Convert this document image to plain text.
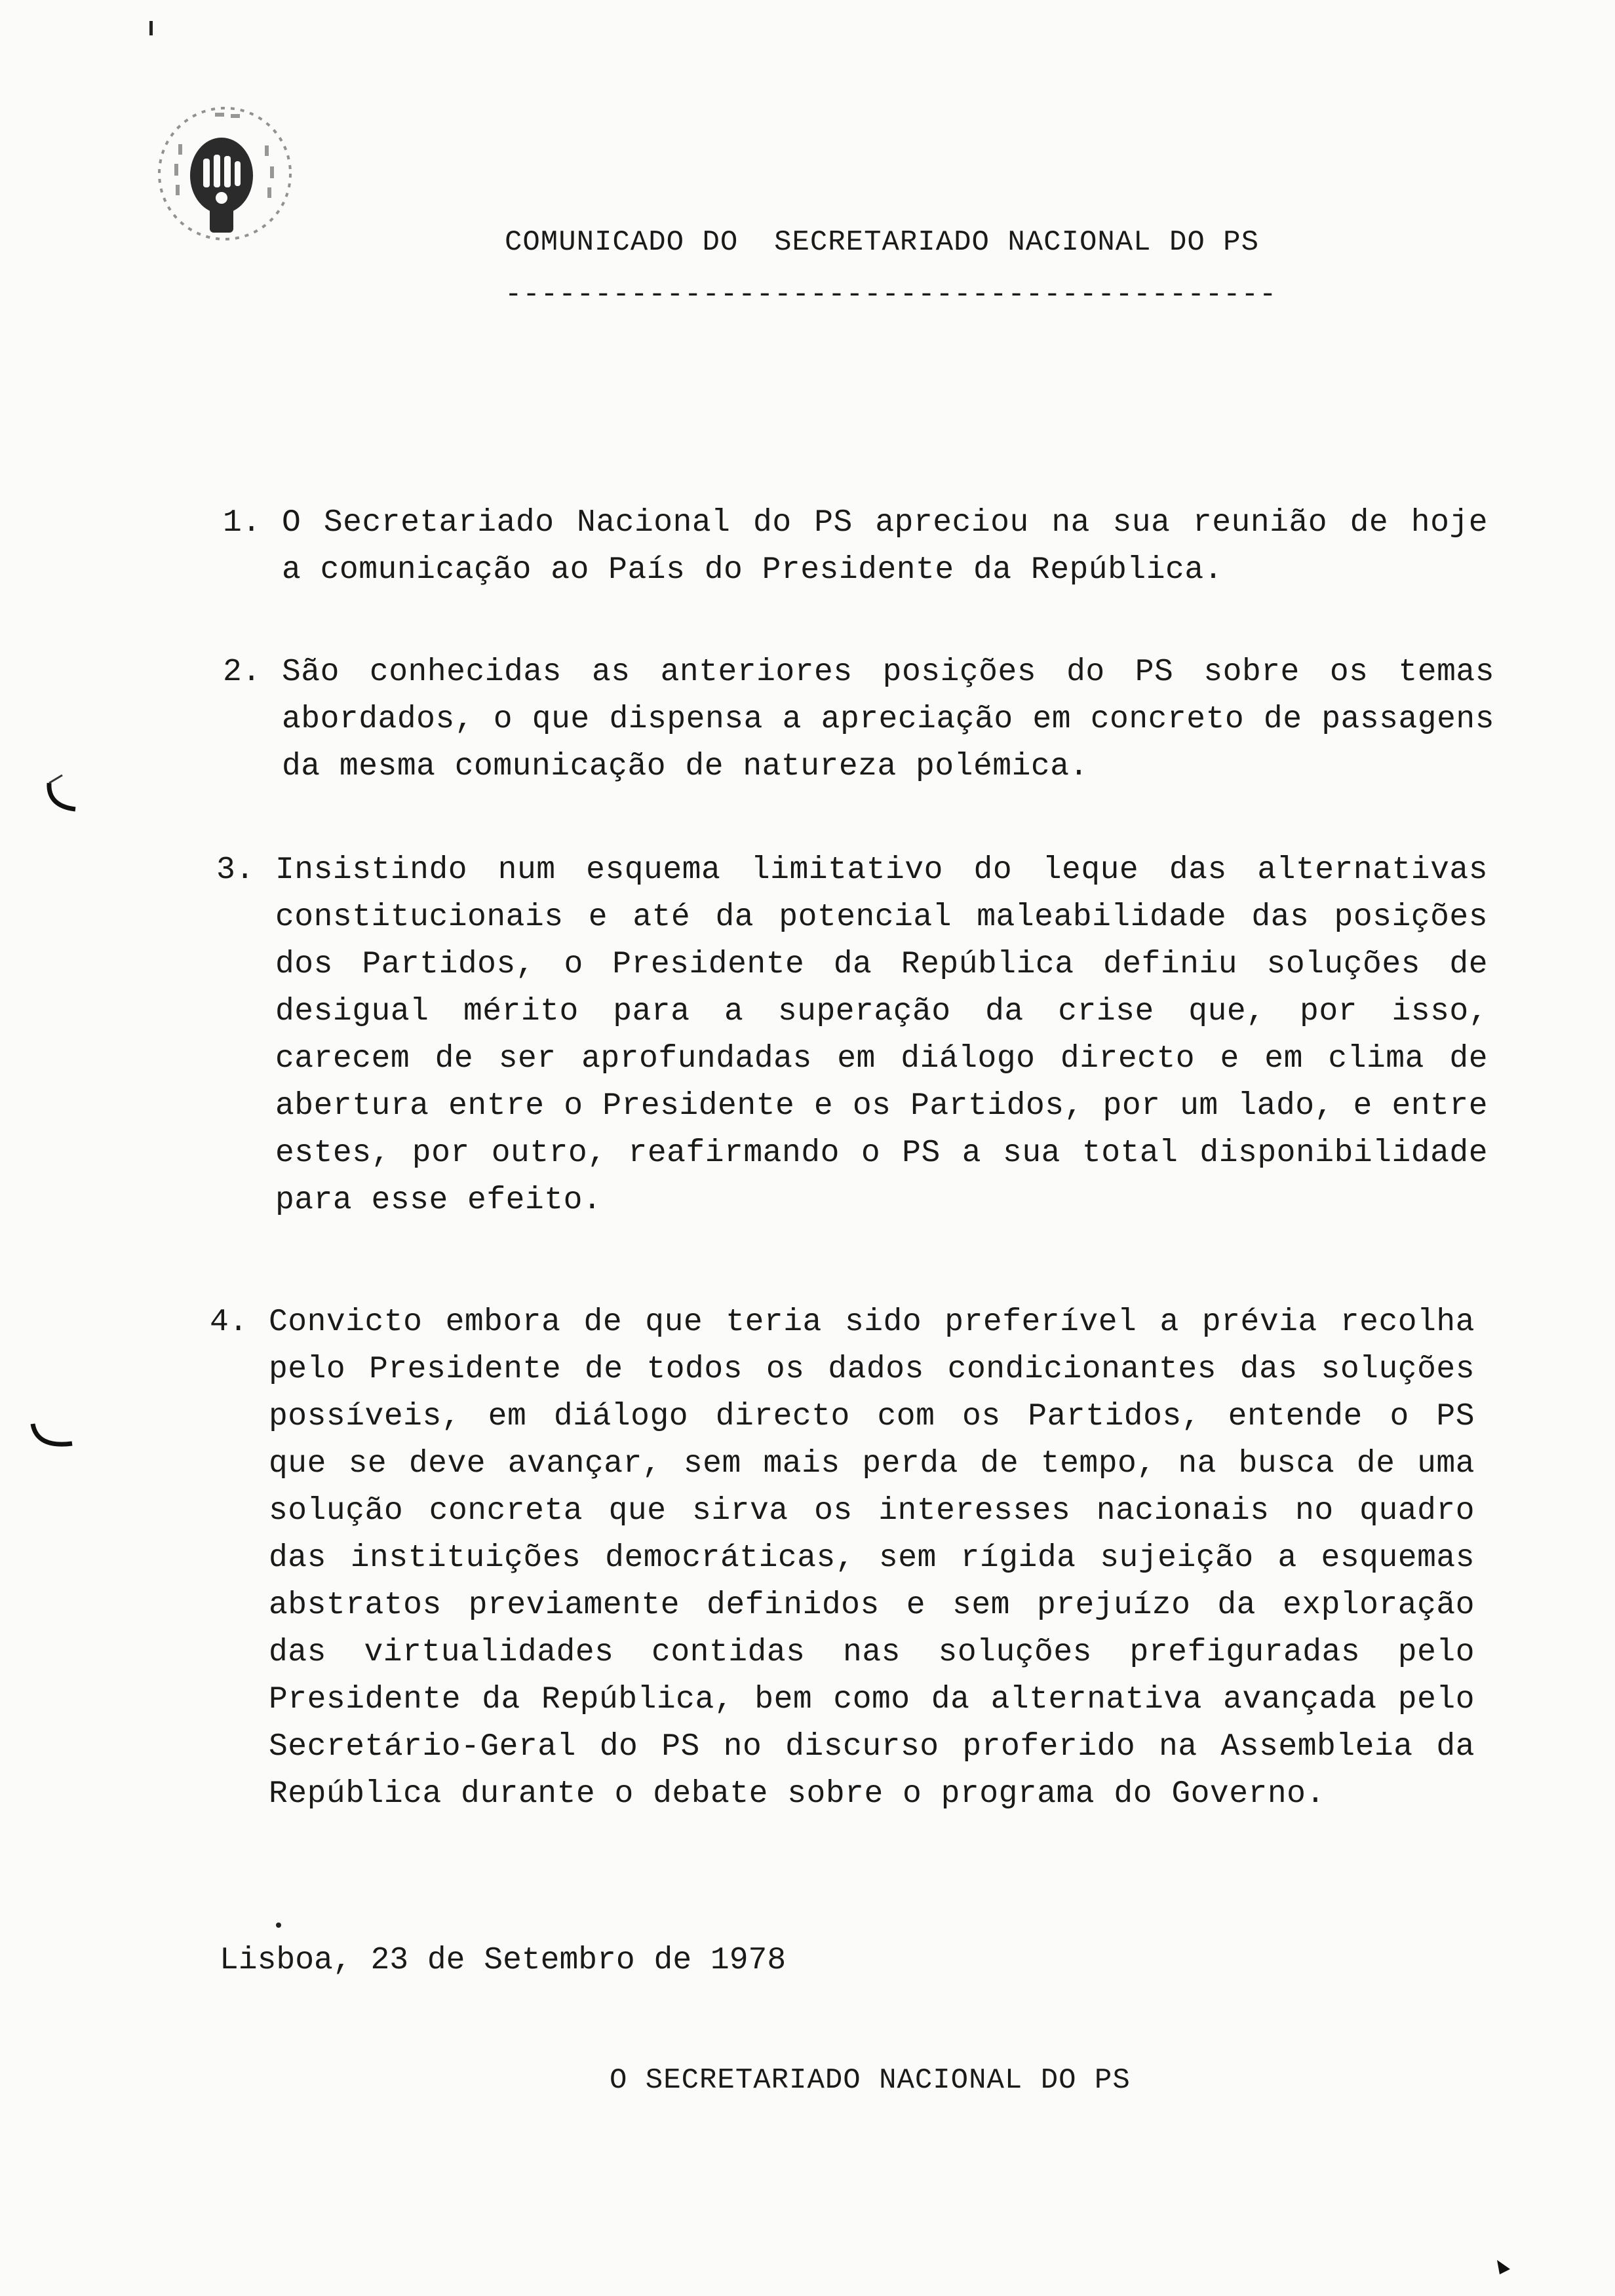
COMUNICADO DO  SECRETARIADO NACIONAL DO PS
-------------------------------------------
1. O Secretariado Nacional do PS apreciou na sua reunião de hoje a comunicação ao País do Presidente da República.
2. São conhecidas as anteriores posições do PS sobre os temas abordados, o que dispensa a apreciação em concreto de passagens da mesma comunicação de natureza polémica.
3. Insistindo num esquema limitativo do leque das alternativas constitucionais e até da potencial maleabilidade das posições dos Partidos, o Presidente da República definiu soluções de desigual mérito para a superação da crise que, por isso, carecem de ser aprofundadas em diálogo directo e em clima de abertura entre o Presidente e os Partidos, por um lado, e entre estes, por outro, reafirmando o PS a sua total disponibilidade para esse efeito.
4. Convicto embora de que teria sido preferível a prévia recolha pelo Presidente de todos os dados condicionantes das soluções possíveis, em diálogo directo com os Partidos, entende o PS que se deve avançar, sem mais perda de tempo, na busca de uma solução concreta que sirva os interesses nacionais no quadro das instituições democráticas, sem rígida sujeição a esquemas abstratos previamente definidos e sem prejuízo da exploração das virtualidades contidas nas soluções prefiguradas pelo Presidente da República, bem como da alternativa avançada pelo Secretário-Geral do PS no discurso proferido na Assembleia da República durante o debate sobre o programa do Governo.
Lisboa, 23 de Setembro de 1978
O SECRETARIADO NACIONAL DO PS
